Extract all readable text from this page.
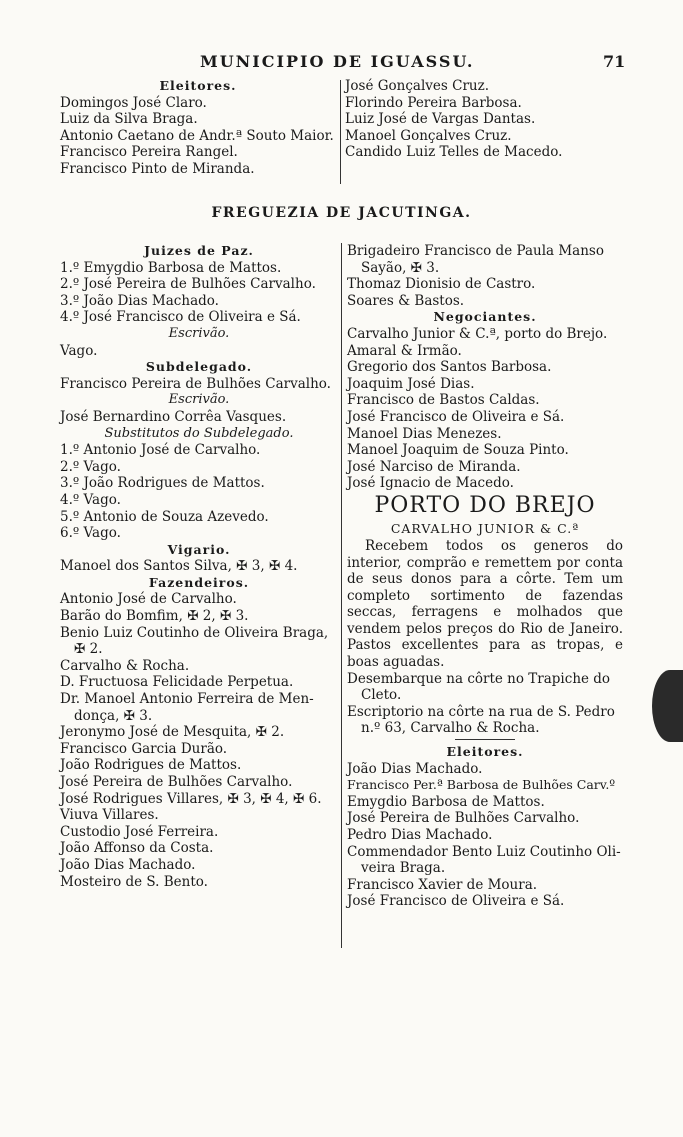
MUNICIPIO DE IGUASSU.	71
Eleitores.
Domingos José Claro.
Luiz da Silva Braga.
Antonio Caetano de Andr.ª Souto Maior.
Francisco Pereira Rangel.
Francisco Pinto de Miranda.
José Gonçalves Cruz.
Florindo Pereira Barbosa.
Luiz José de Vargas Dantas.
Manoel Gonçalves Cruz.
Candido Luiz Telles de Macedo.
FREGUEZIA DE JACUTINGA.
Juizes de Paz.
1.º Emygdio Barbosa de Mattos.
2.º José Pereira de Bulhões Carvalho.
3.º João Dias Machado.
4.º José Francisco de Oliveira e Sá.
Escrivão.
Vago.
Subdelegado.
Francisco Pereira de Bulhões Carvalho.
Escrivão.
José Bernardino Corrêa Vasques.
Substitutos do Subdelegado.
1.º Antonio José de Carvalho.
2.º Vago.
3.º João Rodrigues de Mattos.
4.º Vago.
5.º Antonio de Souza Azevedo.
6.º Vago.
Vigario.
Manoel dos Santos Silva, ✠ 3, ✠ 4.
Fazendeiros.
Antonio José de Carvalho.
Barão do Bomfim, ✠ 2, ✠ 3.
Benio Luiz Coutinho de Oliveira Braga,
✠ 2.
Carvalho & Rocha.
D. Fructuosa Felicidade Perpetua.
Dr. Manoel Antonio Ferreira de Men-
donça, ✠ 3.
Jeronymo José de Mesquita, ✠ 2.
Francisco Garcia Durão.
João Rodrigues de Mattos.
José Pereira de Bulhões Carvalho.
José Rodrigues Villares, ✠ 3, ✠ 4, ✠ 6.
Viuva Villares.
Custodio José Ferreira.
João Affonso da Costa.
João Dias Machado.
Mosteiro de S. Bento.
Brigadeiro Francisco de Paula Manso
Sayão, ✠ 3.
Thomaz Dionisio de Castro.
Soares & Bastos.
Negociantes.
Carvalho Junior & C.ª, porto do Brejo.
Amaral & Irmão.
Gregorio dos Santos Barbosa.
Joaquim José Dias.
Francisco de Bastos Caldas.
José Francisco de Oliveira e Sá.
Manoel Dias Menezes.
Manoel Joaquim de Souza Pinto.
José Narciso de Miranda.
José Ignacio de Macedo.
PORTO DO BREJO
CARVALHO JUNIOR & C.ª
Recebem todos os generos do interior, comprão e remettem por conta de seus donos para a côrte. Tem um completo sortimento de fazendas seccas, ferragens e molhados que vendem pelos preços do Rio de Janeiro. Pastos excellentes para as tropas, e boas aguadas.
Desembarque na côrte no Trapiche do
Cleto.
Escriptorio na côrte na rua de S. Pedro
n.º 63, Carvalho & Rocha.
Eleitores.
João Dias Machado.
Francisco Per.ª Barbosa de Bulhões Carv.º
Emygdio Barbosa de Mattos.
José Pereira de Bulhões Carvalho.
Pedro Dias Machado.
Commendador Bento Luiz Coutinho Oli-
veira Braga.
Francisco Xavier de Moura.
José Francisco de Oliveira e Sá.
